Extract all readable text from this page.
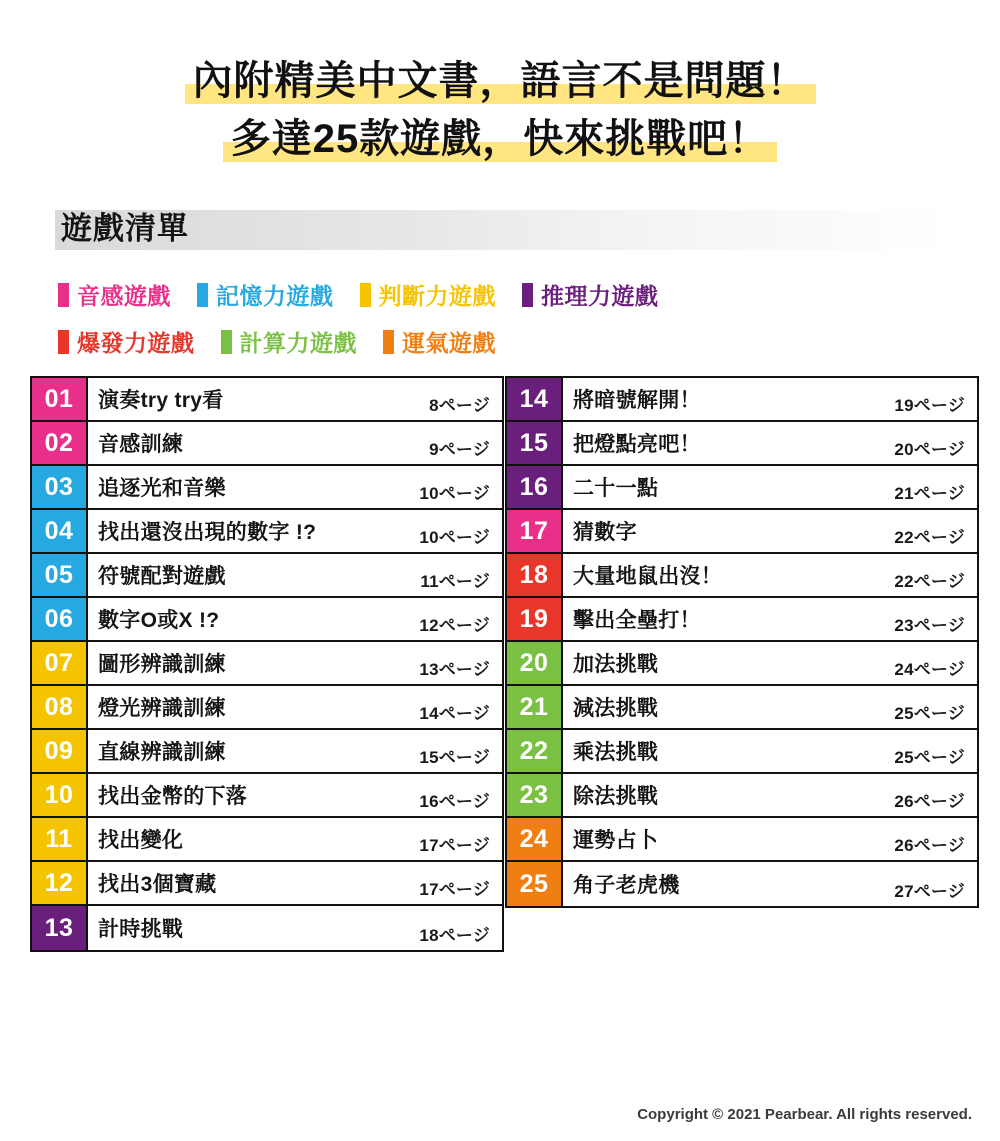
內附精美中文書，語言不是問題！

多達25款遊戲，快來挑戰吧！
遊戲清單
音感遊戲 記憶力遊戲 判斷力遊戲 推理力遊戲
爆發力遊戲 計算力遊戲 運氣遊戲
01	演奏try try看	8ページ
02	音感訓練	9ページ
03	追逐光和音樂	10ページ
04	找出還沒出現的數字 !?	10ページ
05	符號配對遊戲	11ページ
06	數字O或X !?	12ページ
07	圖形辨識訓練	13ページ
08	燈光辨識訓練	14ページ
09	直線辨識訓練	15ページ
10	找出金幣的下落	16ページ
11	找出變化	17ページ
12	找出3個寶藏	17ページ
13	計時挑戰	18ページ
14	將暗號解開！	19ページ
15	把燈點亮吧！	20ページ
16	二十一點	21ページ
17	猜數字	22ページ
18	大量地鼠出沒！	22ページ
19	擊出全壘打！	23ページ
20	加法挑戰	24ページ
21	減法挑戰	25ページ
22	乘法挑戰	25ページ
23	除法挑戰	26ページ
24	運勢占卜	26ページ
25	角子老虎機	27ページ
Copyright © 2021 Pearbear. All rights reserved.
